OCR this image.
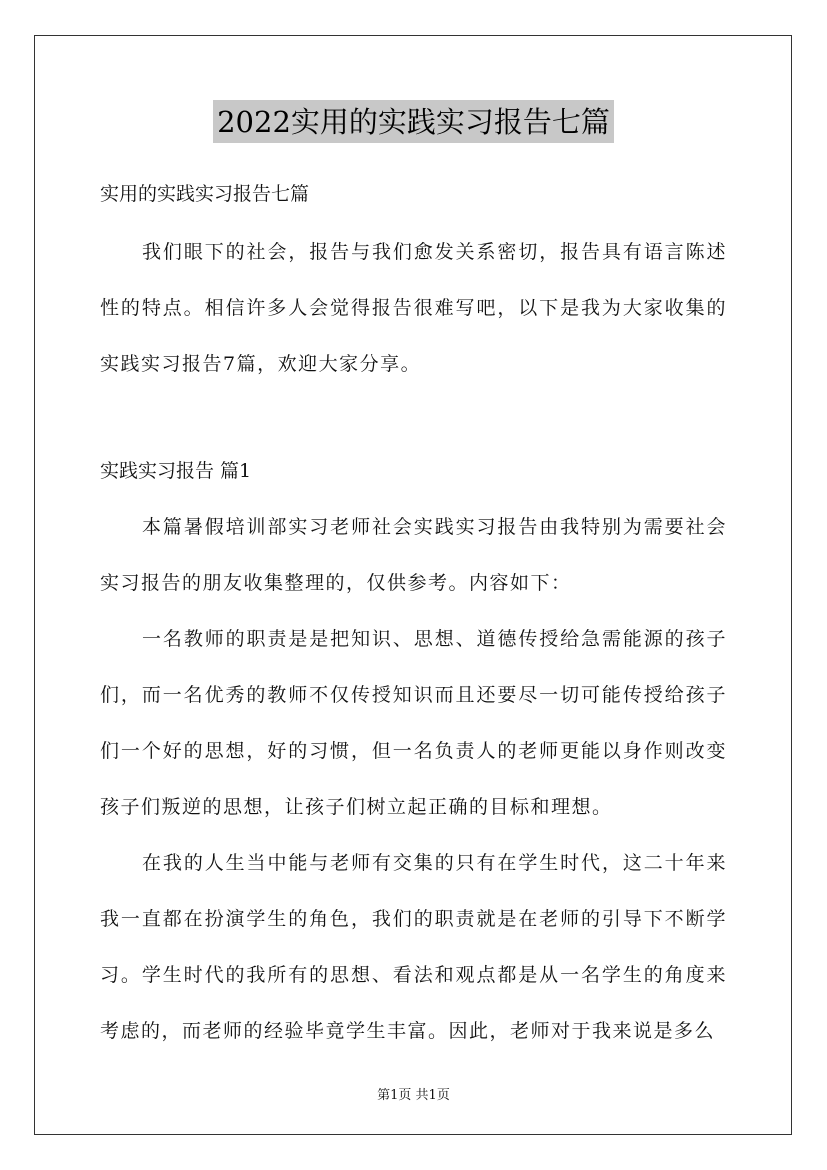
2022实用的实践实习报告七篇

实用的实践实习报告七篇

我们眼下的社会，报告与我们愈发关系密切，报告具有语言陈述性的特点。相信许多人会觉得报告很难写吧，以下是我为大家收集的实践实习报告7篇，欢迎大家分享。

实践实习报告 篇1

本篇暑假培训部实习老师社会实践实习报告由我特别为需要社会实习报告的朋友收集整理的，仅供参考。内容如下：

一名教师的职责是是把知识、思想、道德传授给急需能源的孩子们，而一名优秀的教师不仅传授知识而且还要尽一切可能传授给孩子们一个好的思想，好的习惯，但一名负责人的老师更能以身作则改变孩子们叛逆的思想，让孩子们树立起正确的目标和理想。

在我的人生当中能与老师有交集的只有在学生时代，这二十年来我一直都在扮演学生的角色，我们的职责就是在老师的引导下不断学习。学生时代的我所有的思想、看法和观点都是从一名学生的角度来考虑的，而老师的经验毕竟学生丰富。因此，老师对于我来说是多么

第1页 共1页
